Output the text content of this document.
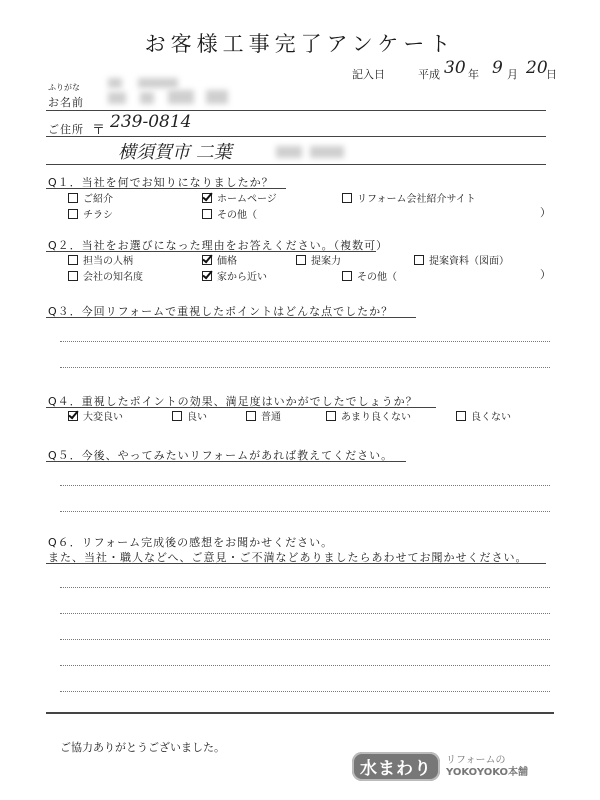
お客様工事完了アンケート
記入日	平成 30 年 9 月 20
日
ふりがな
お名前
ご住所 〒 239-0814
横須賀市 二葉
Q１．当社を何でお知りになりましたか？
ご紹介	ホームページ	リフォーム会社紹介サイト
チラシ	その他（	）
Q２．当社をお選びになった理由をお答えください。（複数可）
担当の人柄	価格	提案力	提案資料（図面）
会社の知名度	家から近い	その他（	）
Q３．今回リフォームで重視したポイントはどんな点でしたか？
Q４．重視したポイントの効果、満足度はいかがでしたでしょうか？
大変良い	良い	普通	あまり良くない	良くない
Q５．今後、やってみたいリフォームがあれば教えてください。
Q６．リフォーム完成後の感想をお聞かせください。
また、当社・職人などへ、ご意見・ご不満などありましたらあわせてお聞かせください。
ご協力ありがとうございました。
水まわり	リフォームの
YOKOYOKO本舗
